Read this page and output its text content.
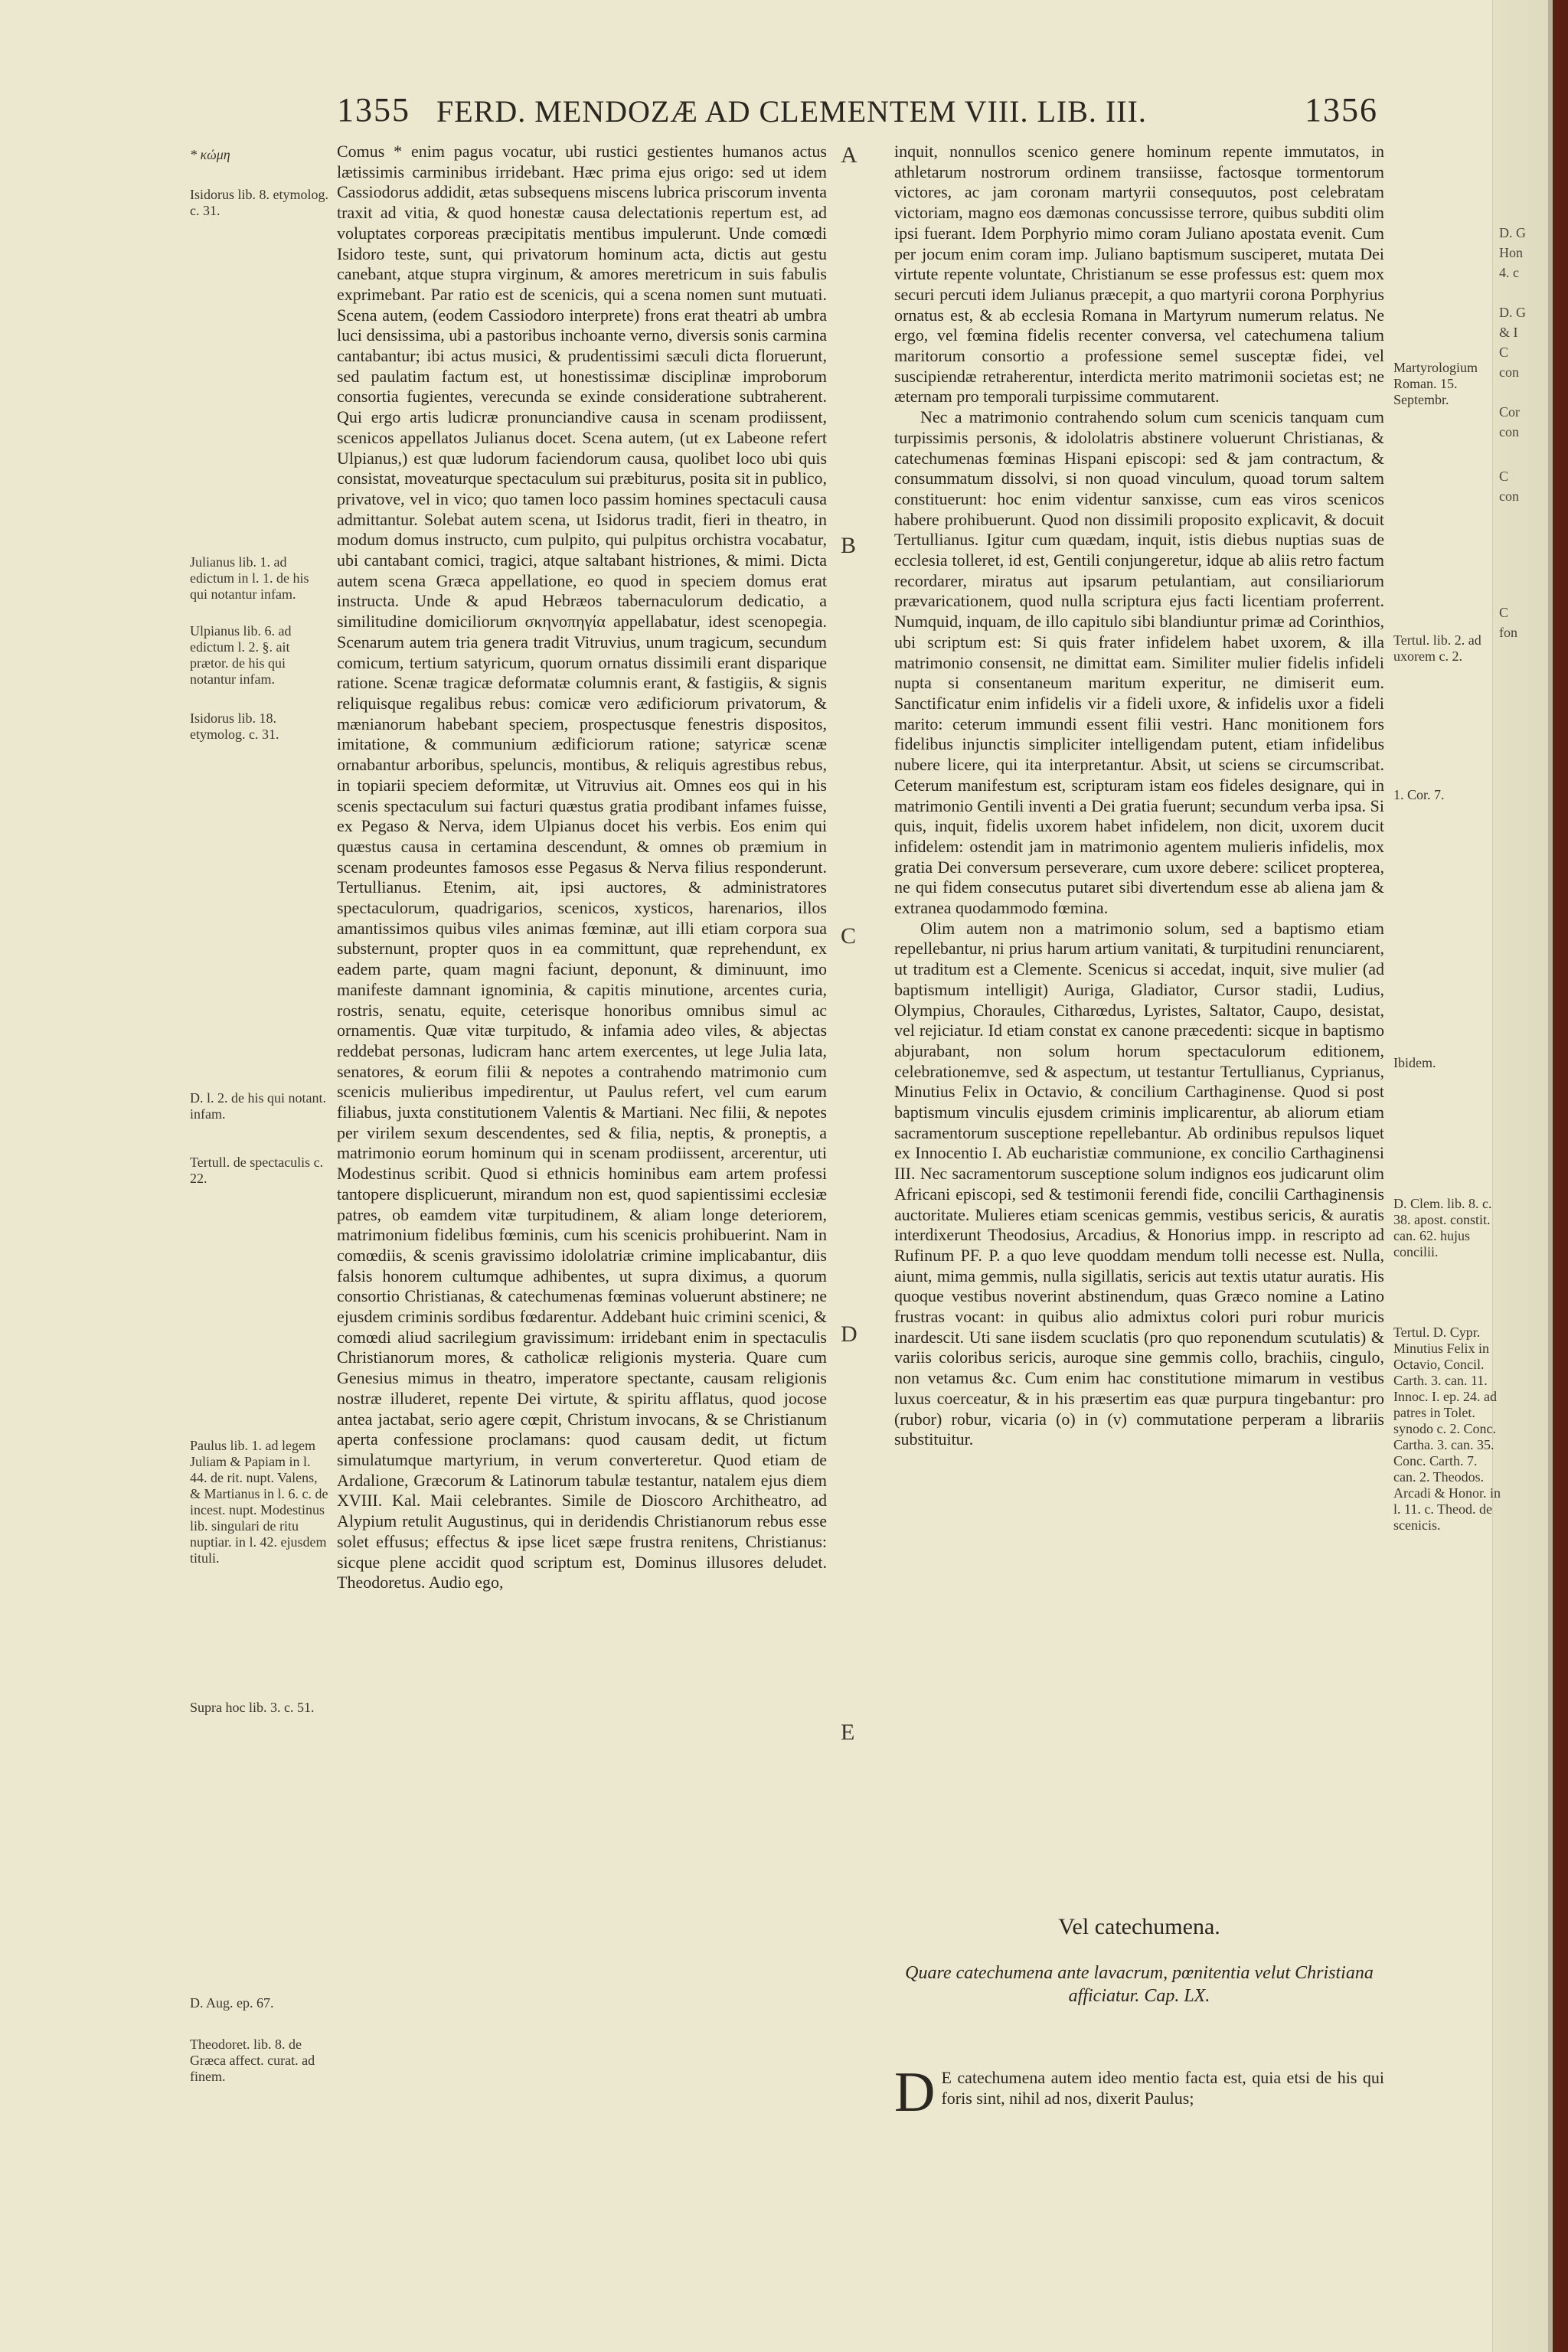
D. G
Hon
4. c
D. G
& I
C
con
Cor
con
C
con
C
fon
1355 FERD. MENDOZÆ AD CLEMENTEM VIII. LIB. III.	1356
* κώμη
Isidorus lib. 8. etymolog. c. 31.
Julianus lib. 1. ad edictum in l. 1. de his qui notantur infam.
Ulpianus lib. 6. ad edictum l. 2. §. ait prætor. de his qui notantur infam.
Isidorus lib. 18. etymolog. c. 31.
D. l. 2. de his qui notant. infam.
Tertull. de spectaculis c. 22.
Paulus lib. 1. ad legem Juliam & Papiam in l. 44. de rit. nupt. Valens, & Martianus in l. 6. c. de incest. nupt. Modestinus lib. singulari de ritu nuptiar. in l. 42. ejusdem tituli.
Supra hoc lib. 3. c. 51.
D. Aug. ep. 67.
Theodoret. lib. 8. de Græca affect. curat. ad finem.
Martyrologium Roman. 15. Septembr.
Tertul. lib. 2. ad uxorem c. 2.
1. Cor. 7.
Ibidem.
D. Clem. lib. 8. c. 38. apost. constit. can. 62. hujus concilii.
Tertul. D. Cypr. Minutius Felix in Octavio, Concil. Carth. 3. can. 11. Innoc. I. ep. 24. ad patres in Tolet. synodo c. 2. Conc. Cartha. 3. can. 35. Conc. Carth. 7. can. 2. Theodos. Arcadi & Honor. in l. 11. c. Theod. de scenicis.
A
B
C
D
E

Comus * enim pagus vocatur, ubi rustici gestientes humanos actus lætissimis carminibus irridebant. Hæc prima ejus origo: sed ut idem Cassiodorus addidit, ætas subsequens miscens lubrica priscorum inventa traxit ad vitia, & quod honestæ causa delectationis repertum est, ad voluptates corporeas præcipitatis mentibus impulerunt. Unde comœdi Isidoro teste, sunt, qui privatorum hominum acta, dictis aut gestu canebant, atque stupra virginum, & amores meretricum in suis fabulis exprimebant. Par ratio est de scenicis, qui a scena nomen sunt mutuati. Scena autem, (eodem Cassiodoro interprete) frons erat theatri ab umbra luci densissima, ubi a pastoribus inchoante verno, diversis sonis carmina cantabantur; ibi actus musici, & prudentissimi sæculi dicta floruerunt, sed paulatim factum est, ut honestissimæ disciplinæ improborum consortia fugientes, verecunda se exinde consideratione subtraherent. Qui ergo artis ludicræ pronunciandive causa in scenam prodiissent, scenicos appellatos Julianus docet. Scena autem, (ut ex Labeone refert Ulpianus,) est quæ ludorum faciendorum causa, quolibet loco ubi quis consistat, moveaturque spectaculum sui præbiturus, posita sit in publico, privatove, vel in vico; quo tamen loco passim homines spectaculi causa admittantur. Solebat autem scena, ut Isidorus tradit, fieri in theatro, in modum domus instructo, cum pulpito, qui pulpitus orchistra vocabatur, ubi cantabant comici, tragici, atque saltabant histriones, & mimi. Dicta autem scena Græca appellatione, eo quod in speciem domus erat instructa. Unde & apud Hebræos tabernaculorum dedicatio, a similitudine domiciliorum σκηνοπηγία appellabatur, idest scenopegia. Scenarum autem tria genera tradit Vitruvius, unum tragicum, secundum comicum, tertium satyricum, quorum ornatus dissimili erant disparique ratione. Scenæ tragicæ deformatæ columnis erant, & fastigiis, & signis reliquisque regalibus rebus: comicæ vero ædificiorum privatorum, & mænianorum habebant speciem, prospectusque fenestris dispositos, imitatione, & communium ædificiorum ratione; satyricæ scenæ ornabantur arboribus, speluncis, montibus, & reliquis agrestibus rebus, in topiarii speciem deformitæ, ut Vitruvius ait. Omnes eos qui in his scenis spectaculum sui facturi quæstus gratia prodibant infames fuisse, ex Pegaso & Nerva, idem Ulpianus docet his verbis. Eos enim qui quæstus causa in certamina descendunt, & omnes ob præmium in scenam prodeuntes famosos esse Pegasus & Nerva filius responderunt. Tertullianus. Etenim, ait, ipsi auctores, & administratores spectaculorum, quadrigarios, scenicos, xysticos, harenarios, illos amantissimos quibus viles animas fœminæ, aut illi etiam corpora sua substernunt, propter quos in ea committunt, quæ reprehendunt, ex eadem parte, quam magni faciunt, deponunt, & diminuunt, imo manifeste damnant ignominia, & capitis minutione, arcentes curia, rostris, senatu, equite, ceterisque honoribus omnibus simul ac ornamentis. Quæ vitæ turpitudo, & infamia adeo viles, & abjectas reddebat personas, ludicram hanc artem exercentes, ut lege Julia lata, senatores, & eorum filii & nepotes a contrahendo matrimonio cum scenicis mulieribus impedirentur, ut Paulus refert, vel cum earum filiabus, juxta constitutionem Valentis & Martiani. Nec filii, & nepotes per virilem sexum descendentes, sed & filia, neptis, & proneptis, a matrimonio eorum hominum qui in scenam prodiissent, arcerentur, uti Modestinus scribit. Quod si ethnicis hominibus eam artem professi tantopere displicuerunt, mirandum non est, quod sapientissimi ecclesiæ patres, ob eamdem vitæ turpitudinem, & aliam longe deteriorem, matrimonium fidelibus fœminis, cum his scenicis prohibuerint. Nam in comœdiis, & scenis gravissimo idololatriæ crimine implicabantur, diis falsis honorem cultumque adhibentes, ut supra diximus, a quorum consortio Christianas, & catechumenas fœminas voluerunt abstinere; ne ejusdem criminis sordibus fœdarentur. Addebant huic crimini scenici, & comœdi aliud sacrilegium gravissimum: irridebant enim in spectaculis Christianorum mores, & catholicæ religionis mysteria. Quare cum Genesius mimus in theatro, imperatore spectante, causam religionis nostræ illuderet, repente Dei virtute, & spiritu afflatus, quod jocose antea jactabat, serio agere cœpit, Christum invocans, & se Christianum aperta confessione proclamans: quod causam dedit, ut fictum simulatumque martyrium, in verum converteretur. Quod etiam de Ardalione, Græcorum & Latinorum tabulæ testantur, natalem ejus diem XVIII. Kal. Maii celebrantes. Simile de Dioscoro Architheatro, ad Alypium retulit Augustinus, qui in deridendis Christianorum rebus esse solet effusus; effectus & ipse licet sæpe frustra renitens, Christianus: sicque plene accidit quod scriptum est, Dominus illusores deludet. Theodoretus. Audio ego,

inquit, nonnullos scenico genere hominum repente immutatos, in athletarum nostrorum ordinem transiisse, factosque tormentorum victores, ac jam coronam martyrii consequutos, post celebratam victoriam, magno eos dæmonas concussisse terrore, quibus subditi olim ipsi fuerant. Idem Porphyrio mimo coram Juliano apostata evenit. Cum per jocum enim coram imp. Juliano baptismum susciperet, mutata Dei virtute repente voluntate, Christianum se esse professus est: quem mox securi percuti idem Julianus præcepit, a quo martyrii corona Porphyrius ornatus est, & ab ecclesia Romana in Martyrum numerum relatus. Ne ergo, vel fœmina fidelis recenter conversa, vel catechumena talium maritorum consortio a professione semel susceptæ fidei, vel suscipiendæ retraherentur, interdicta merito matrimonii societas est; ne æternam pro temporali turpissime commutarent.

Nec a matrimonio contrahendo solum cum scenicis tanquam cum turpissimis personis, & idololatris abstinere voluerunt Christianas, & catechumenas fœminas Hispani episcopi: sed & jam contractum, & consummatum dissolvi, si non quoad vinculum, quoad torum saltem constituerunt: hoc enim videntur sanxisse, cum eas viros scenicos habere prohibuerunt. Quod non dissimili proposito explicavit, & docuit Tertullianus. Igitur cum quædam, inquit, istis diebus nuptias suas de ecclesia tolleret, id est, Gentili conjungeretur, idque ab aliis retro factum recordarer, miratus aut ipsarum petulantiam, aut consiliariorum prævaricationem, quod nulla scriptura ejus facti licentiam proferrent. Numquid, inquam, de illo capitulo sibi blandiuntur primæ ad Corinthios, ubi scriptum est: Si quis frater infidelem habet uxorem, & illa matrimonio consensit, ne dimittat eam. Similiter mulier fidelis infideli nupta si consentaneum maritum experitur, ne dimiserit eum. Sanctificatur enim infidelis vir a fideli uxore, & infidelis uxor a fideli marito: ceterum immundi essent filii vestri. Hanc monitionem fors fidelibus injunctis simpliciter intelligendam putent, etiam infidelibus nubere licere, qui ita interpretantur. Absit, ut sciens se circumscribat. Ceterum manifestum est, scripturam istam eos fideles designare, qui in matrimonio Gentili inventi a Dei gratia fuerunt; secundum verba ipsa. Si quis, inquit, fidelis uxorem habet infidelem, non dicit, uxorem ducit infidelem: ostendit jam in matrimonio agentem mulieris infidelis, mox gratia Dei conversum perseverare, cum uxore debere: scilicet propterea, ne qui fidem consecutus putaret sibi divertendum esse ab aliena jam & extranea quodammodo fœmina.

Olim autem non a matrimonio solum, sed a baptismo etiam repellebantur, ni prius harum artium vanitati, & turpitudini renunciarent, ut traditum est a Clemente. Scenicus si accedat, inquit, sive mulier (ad baptismum intelligit) Auriga, Gladiator, Cursor stadii, Ludius, Olympius, Choraules, Citharœdus, Lyristes, Saltator, Caupo, desistat, vel rejiciatur. Id etiam constat ex canone præcedenti: sicque in baptismo abjurabant, non solum horum spectaculorum editionem, celebrationemve, sed & aspectum, ut testantur Tertullianus, Cyprianus, Minutius Felix in Octavio, & concilium Carthaginense. Quod si post baptismum vinculis ejusdem criminis implicarentur, ab aliorum etiam sacramentorum susceptione repellebantur. Ab ordinibus repulsos liquet ex Innocentio I. Ab eucharistiæ communione, ex concilio Carthaginensi III. Nec sacramentorum susceptione solum indignos eos judicarunt olim Africani episcopi, sed & testimonii ferendi fide, concilii Carthaginensis auctoritate. Mulieres etiam scenicas gemmis, vestibus sericis, & auratis interdixerunt Theodosius, Arcadius, & Honorius impp. in rescripto ad Rufinum PF. P. a quo leve quoddam mendum tolli necesse est. Nulla, aiunt, mima gemmis, nulla sigillatis, sericis aut textis utatur auratis. His quoque vestibus noverint abstinendum, quas Græco nomine a Latino frustras vocant: in quibus alio admixtus colori puri robur muricis inardescit. Uti sane iisdem scuclatis (pro quo reponendum scutulatis) & variis coloribus sericis, auroque sine gemmis collo, brachiis, cingulo, non vetamus &c. Cum enim hac constitutione mimarum in vestibus luxus coerceatur, & in his præsertim eas quæ purpura tingebantur: pro (rubor) robur, vicaria (o) in (v) commutatione perperam a librariis substituitur.

Vel catechumena.
Quare catechumena ante lavacrum, pœnitentia velut Christiana afficiatur. Cap. LX.
D E catechumena autem ideo mentio facta est, quia etsi de his qui foris sint, nihil ad nos, dixerit Paulus;
